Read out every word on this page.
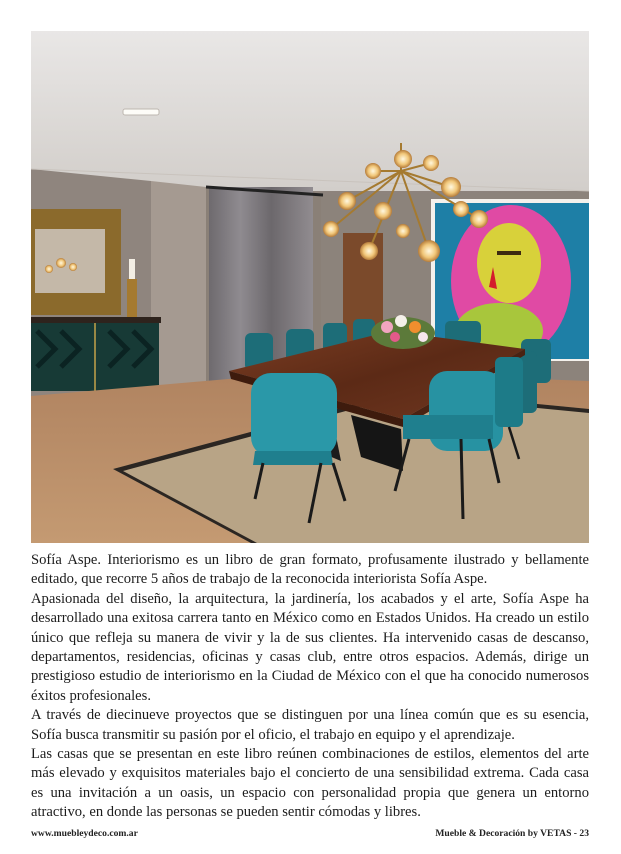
Sofía Aspe. Interiorismo es un libro de gran formato, profusamente ilustrado y bellamente editado, que recorre 5 años de trabajo de la reconocida interiorista Sofía Aspe.

Apasionada del diseño, la arquitectura, la jardinería, los acabados y el arte, Sofía Aspe ha desarrollado una exitosa carrera tanto en México como en Estados Unidos. Ha creado un estilo único que refleja su manera de vivir y la de sus clientes. Ha intervenido casas de descanso, departamentos, residencias, oficinas y casas club, entre otros espacios. Además, dirige un prestigioso estudio de interiorismo en la Ciudad de México con el que ha conocido numerosos éxitos profesionales.

A través de diecinueve proyectos que se distinguen por una línea común que es su esencia, Sofía busca transmitir su pasión por el oficio, el trabajo en equipo y el aprendizaje.

Las casas que se presentan en este libro reúnen combinaciones de estilos, elementos del arte más elevado y exquisitos materiales bajo el concierto de una sensibilidad extrema. Cada casa es una invitación a un oasis, un espacio con personalidad propia que genera un entorno atractivo, en donde las personas se pueden sentir cómodas y libres.

www.muebleydeco.com.ar	Mueble & Decoración by VETAS - 23
